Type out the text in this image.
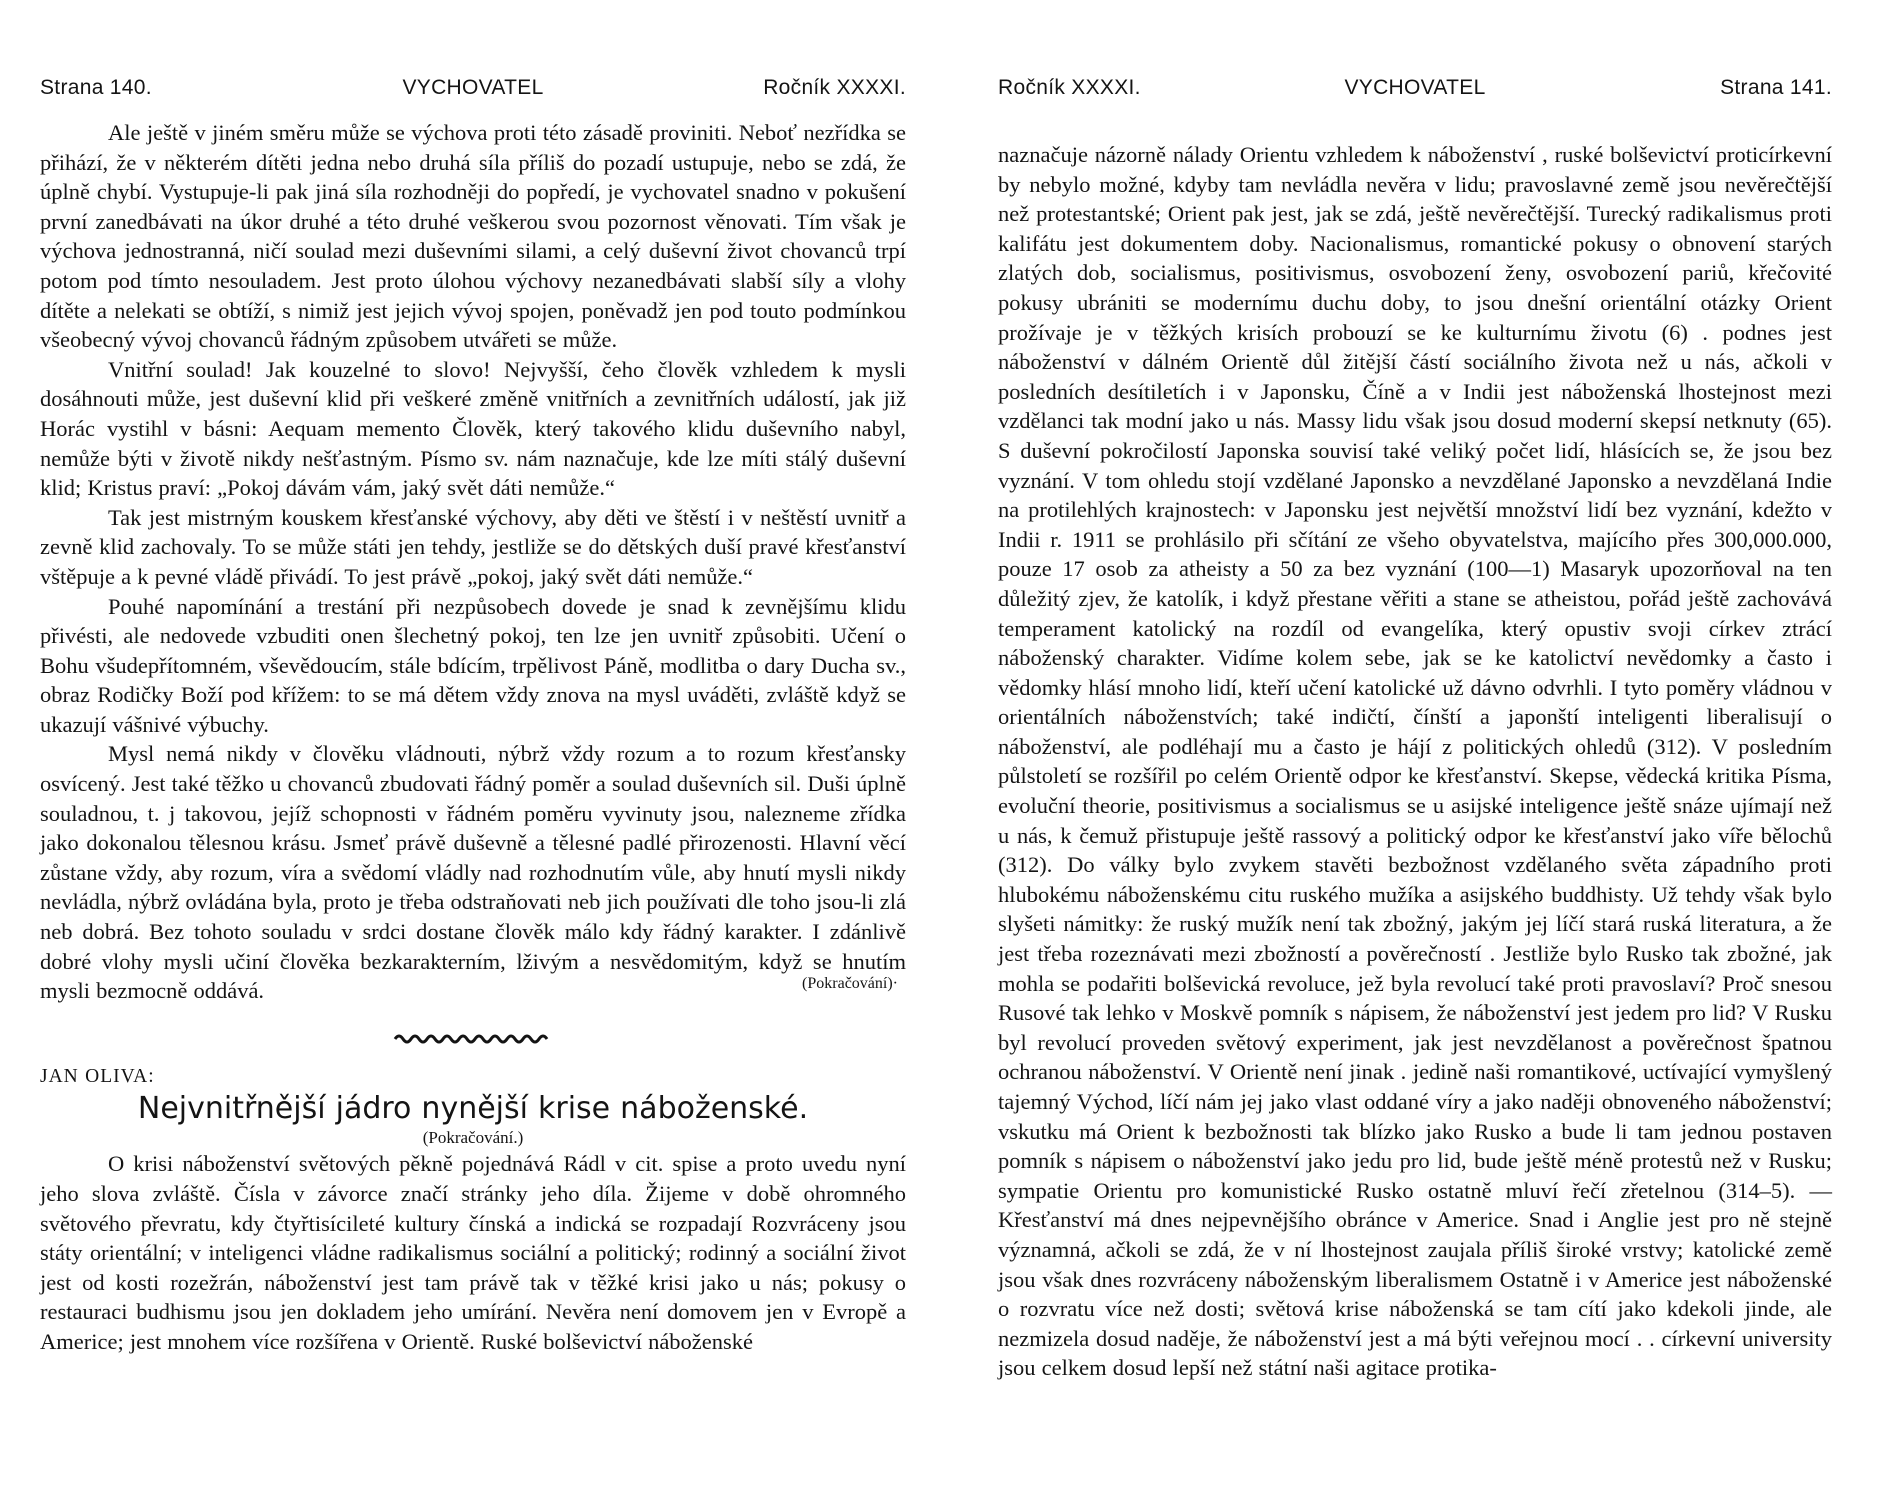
Strana 140.	VYCHOVATEL	Ročník XXXXI.

Ale ještě v jiném směru může se výchova proti této zásadě proviniti. Neboť nezřídka se přihází, že v některém dítěti jedna nebo druhá síla příliš do pozadí ustupuje, nebo se zdá, že úplně chybí. Vystupuje-li pak jiná síla rozhodněji do popředí, je vychovatel snadno v pokušení první zanedbávati na úkor druhé a této druhé veškerou svou pozornost věnovati. Tím však je výchova jednostranná, ničí soulad mezi duševními silami, a celý duševní život chovanců trpí potom pod tímto nesouladem. Jest proto úlohou výchovy nezanedbávati slabší síly a vlohy dítěte a nelekati se obtíží, s nimiž jest jejich vývoj spojen, poněvadž jen pod touto podmínkou všeobecný vývoj chovanců řádným způsobem utvářeti se může.

Vnitřní soulad! Jak kouzelné to slovo! Nejvyšší, čeho člověk vzhledem k mysli dosáhnouti může, jest duševní klid při veškeré změně vnitřních a zevnitřních událostí, jak již Horác vystihl v básni: Aequam memento Člověk, který takového klidu duševního nabyl, nemůže býti v životě nikdy nešťastným. Písmo sv. nám naznačuje, kde lze míti stálý duševní klid; Kristus praví: „Pokoj dávám vám, jaký svět dáti nemůže.“

Tak jest mistrným kouskem křesťanské výchovy, aby děti ve štěstí i v neštěstí uvnitř a zevně klid zachovaly. To se může státi jen tehdy, jestliže se do dětských duší pravé křesťanství vštěpuje a k pevné vládě přivádí. To jest právě „pokoj, jaký svět dáti nemůže.“

Pouhé napomínání a trestání při nezpůsobech dovede je snad k zevnějšímu klidu přivésti, ale nedovede vzbuditi onen šlechetný pokoj, ten lze jen uvnitř způsobiti. Učení o Bohu všudepřítomném, vševědoucím, stále bdícím, trpělivost Páně, modlitba o dary Ducha sv., obraz Rodičky Boží pod křížem: to se má dětem vždy znova na mysl uváděti, zvláště když se ukazují vášnivé výbuchy.

Mysl nemá nikdy v člověku vládnouti, nýbrž vždy rozum a to rozum křesťansky osvícený. Jest také těžko u chovanců zbudovati řádný poměr a soulad duševních sil. Duši úplně souladnou, t. j takovou, jejíž schopnosti v řádném poměru vyvinuty jsou, nalezneme zřídka jako dokonalou tělesnou krásu. Jsmeť právě duševně a tělesné padlé přirozenosti. Hlavní věcí zůstane vždy, aby rozum, víra a svědomí vládly nad rozhodnutím vůle, aby hnutí mysli nikdy nevládla, nýbrž ovládána byla, proto je třeba odstraňovati neb jich používati dle toho jsou-li zlá neb dobrá. Bez tohoto souladu v srdci dostane člověk málo kdy řádný karakter. I zdánlivě dobré vlohy mysli učiní člověka bezkarakterním, lživým a nesvědomitým, když se hnutím mysli bezmocně oddává.	(Pokračování)·

JAN OLIVA:

Nejvnitřnější jádro nynější krise náboženské.

(Pokračování.)

O krisi náboženství světových pěkně pojednává Rádl v cit. spise a proto uvedu nyní jeho slova zvláště. Čísla v závorce značí stránky jeho díla. Žijeme v době ohromného světového převratu, kdy čtyřtisícileté kultury čínská a indická se rozpadají Rozvráceny jsou státy orientální; v inteligenci vládne radikalismus sociální a politický; rodinný a sociální život jest od kosti rozežrán, náboženství jest tam právě tak v těžké krisi jako u nás; pokusy o restauraci budhismu jsou jen dokladem jeho umírání. Nevěra není domovem jen v Evropě a Americe; jest mnohem více rozšířena v Orientě. Ruské bolševictví náboženské

Ročník XXXXI.	VYCHOVATEL	Strana 141.

naznačuje názorně nálady Orientu vzhledem k náboženství , ruské bolševictví proticírkevní by nebylo možné, kdyby tam nevládla nevěra v lidu; pravoslavné země jsou nevěrečtější než protestantské; Orient pak jest, jak se zdá, ještě nevěrečtější. Turecký radikalismus proti kalifátu jest dokumentem doby. Nacionalismus, romantické pokusy o obnovení starých zlatých dob, socialismus, positivismus, osvobození ženy, osvobození pariů, křečovité pokusy ubrániti se modernímu duchu doby, to jsou dnešní orientální otázky Orient prožívaje je v těžkých krisích probouzí se ke kulturnímu životu (6) . podnes jest náboženství v dálném Orientě důl žitější částí sociálního života než u nás, ačkoli v posledních desítiletích i v Japonsku, Číně a v Indii jest náboženská lhostejnost mezi vzdělanci tak modní jako u nás. Massy lidu však jsou dosud moderní skepsí netknuty (65). S duševní pokročilostí Japonska souvisí také veliký počet lidí, hlásících se, že jsou bez vyznání. V tom ohledu stojí vzdělané Japonsko a nevzdělané Japonsko a nevzdělaná Indie na protilehlých krajnostech: v Japonsku jest největší množství lidí bez vyznání, kdežto v Indii r. 1911 se prohlásilo při sčítání ze všeho obyvatelstva, majícího přes 300,000.000, pouze 17 osob za atheisty a 50 za bez vyznání (100—1) Masaryk upozorňoval na ten důležitý zjev, že katolík, i když přestane věřiti a stane se atheistou, pořád ještě zachovává temperament katolický na rozdíl od evangelíka, který opustiv svoji církev ztrácí náboženský charakter. Vidíme kolem sebe, jak se ke katolictví nevědomky a často i vědomky hlásí mnoho lidí, kteří učení katolické už dávno odvrhli. I tyto poměry vládnou v orientálních náboženstvích; také indičtí, čínští a japonští inteligenti liberalisují o náboženství, ale podléhají mu a často je hájí z politických ohledů (312). V posledním půlstoletí se rozšířil po celém Orientě odpor ke křesťanství. Skepse, vědecká kritika Písma, evoluční theorie, positivismus a socialismus se u asijské inteligence ještě snáze ujímají než u nás, k čemuž přistupuje ještě rassový a politický odpor ke křesťanství jako víře bělochů (312). Do války bylo zvykem stavěti bezbožnost vzdělaného světa západního proti hlubokému náboženskému citu ruského mužíka a asijského buddhisty. Už tehdy však bylo slyšeti námitky: že ruský mužík není tak zbožný, jakým jej líčí stará ruská literatura, a že jest třeba rozeznávati mezi zbožností a pověrečností . Jestliže bylo Rusko tak zbožné, jak mohla se podařiti bolševická revoluce, jež byla revolucí také proti pravoslaví? Proč snesou Rusové tak lehko v Moskvě pomník s nápisem, že náboženství jest jedem pro lid? V Rusku byl revolucí proveden světový experiment, jak jest nevzdělanost a pověrečnost špatnou ochranou náboženství. V Orientě není jinak . jedině naši romantikové, uctívající vymyšlený tajemný Východ, líčí nám jej jako vlast oddané víry a jako naději obnoveného náboženství; vskutku má Orient k bezbožnosti tak blízko jako Rusko a bude li tam jednou postaven pomník s nápisem o náboženství jako jedu pro lid, bude ještě méně protestů než v Rusku; sympatie Orientu pro komunistické Rusko ostatně mluví řečí zřetelnou (314–5). — Křesťanství má dnes nejpevnějšího obránce v Americe. Snad i Anglie jest pro ně stejně významná, ačkoli se zdá, že v ní lhostejnost zaujala příliš široké vrstvy; katolické země jsou však dnes rozvráceny náboženským liberalismem Ostatně i v Americe jest náboženské o rozvratu více než dosti; světová krise náboženská se tam cítí jako kdekoli jinde, ale nezmizela dosud naděje, že náboženství jest a má býti veřejnou mocí . . církevní university jsou celkem dosud lepší než státní naši agitace protika-
